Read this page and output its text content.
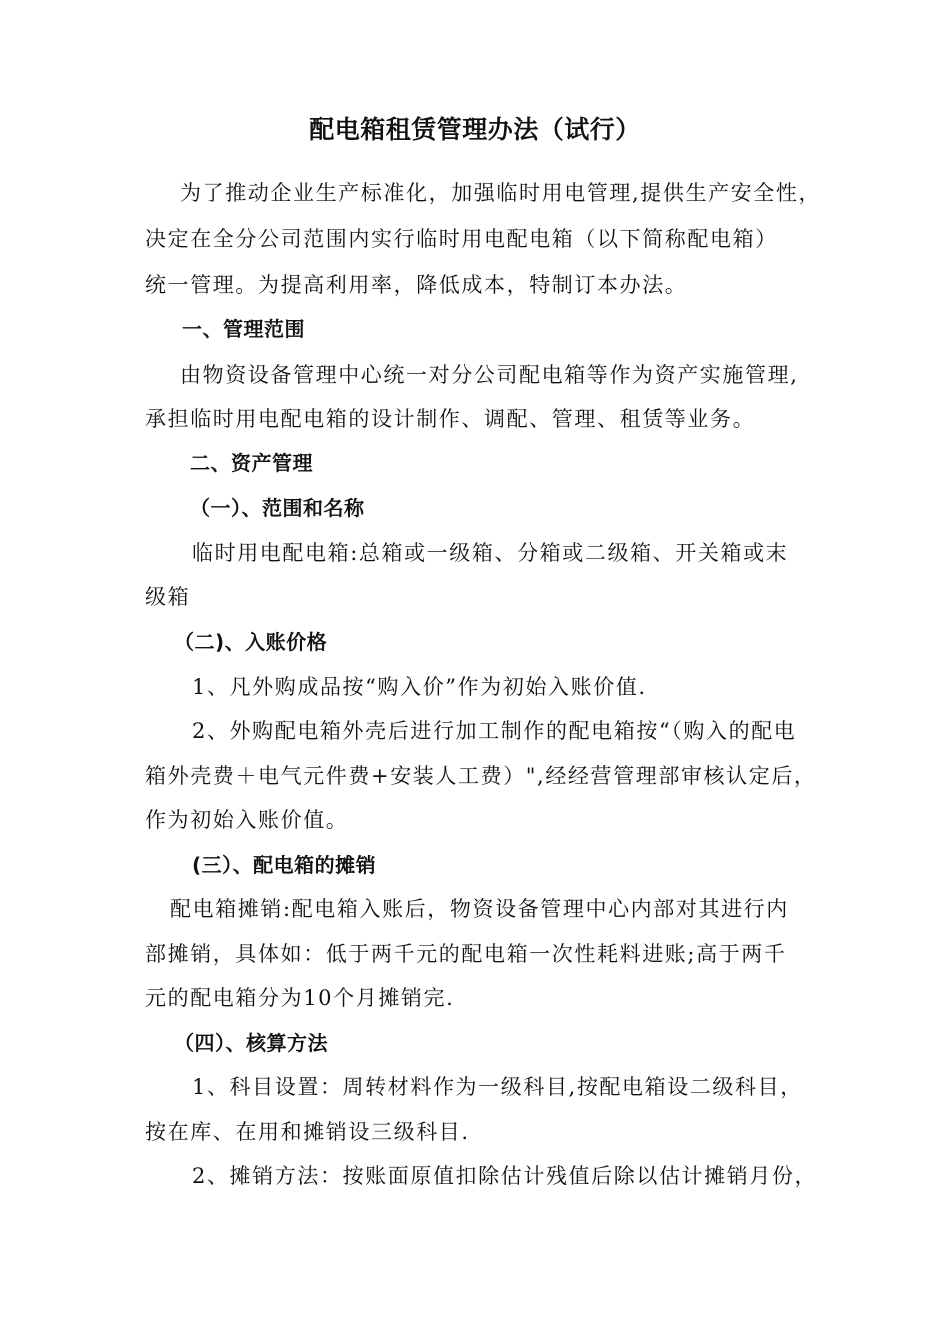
配电箱租赁管理办法（试行）
为了推动企业生产标准化，加强临时用电管理,提供生产安全性，
决定在全分公司范围内实行临时用电配电箱（以下简称配电箱）
统一管理。为提高利用率，降低成本，特制订本办法。
一、管理范围
由物资设备管理中心统一对分公司配电箱等作为资产实施管理,
承担临时用电配电箱的设计制作、调配、管理、租赁等业务。
二、资产管理
（一）、范围和名称
临时用电配电箱:总箱或一级箱、分箱或二级箱、开关箱或末
级箱
（二)、入账价格
1、凡外购成品按“购入价”作为初始入账价值.
2、外购配电箱外壳后进行加工制作的配电箱按“（购入的配电
箱外壳费＋电气元件费+安装人工费）",经经营管理部审核认定后，
作为初始入账价值。
(三）、配电箱的摊销
配电箱摊销:配电箱入账后，物资设备管理中心内部对其进行内
部摊销，具体如：低于两千元的配电箱一次性耗料进账;高于两千
元的配电箱分为10个月摊销完.
（四）、核算方法
1、科目设置：周转材料作为一级科目,按配电箱设二级科目，
按在库、在用和摊销设三级科目.
2、摊销方法：按账面原值扣除估计残值后除以估计摊销月份，
